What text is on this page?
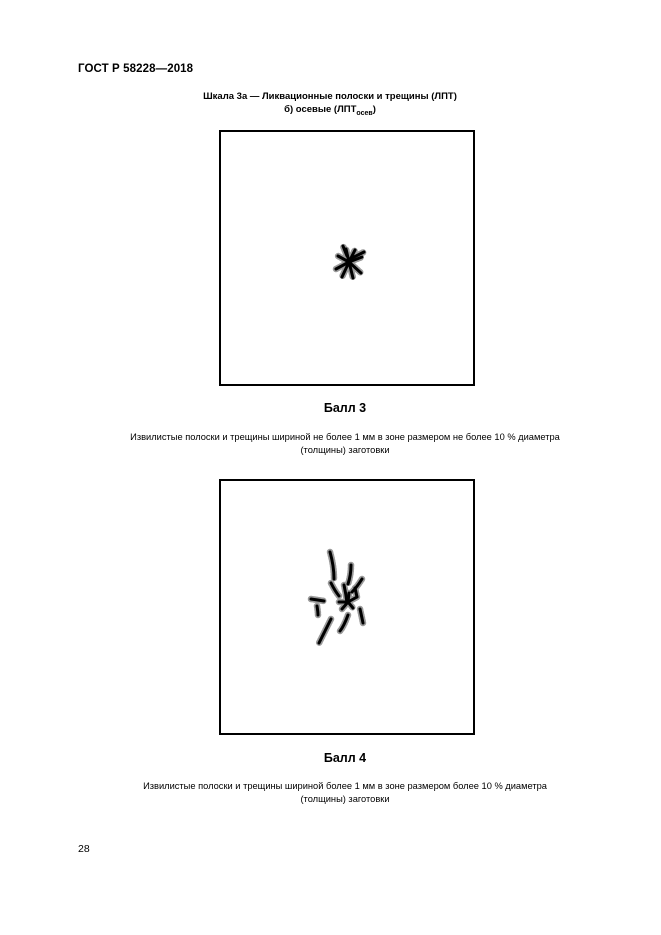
ГОСТ Р 58228—2018
Шкала 3а — Ликвационные полоски и трещины (ЛПТ)
б) осевые $(ЛПТ_{осев})$
Балл 3
Извилистые полоски и трещины шириной не более 1 мм в зоне размером не более 10 % диаметра
(толщины) заготовки
Балл 4
Извилистые полоски и трещины шириной более 1 мм в зоне размером более 10 % диаметра
(толщины) заготовки
28
